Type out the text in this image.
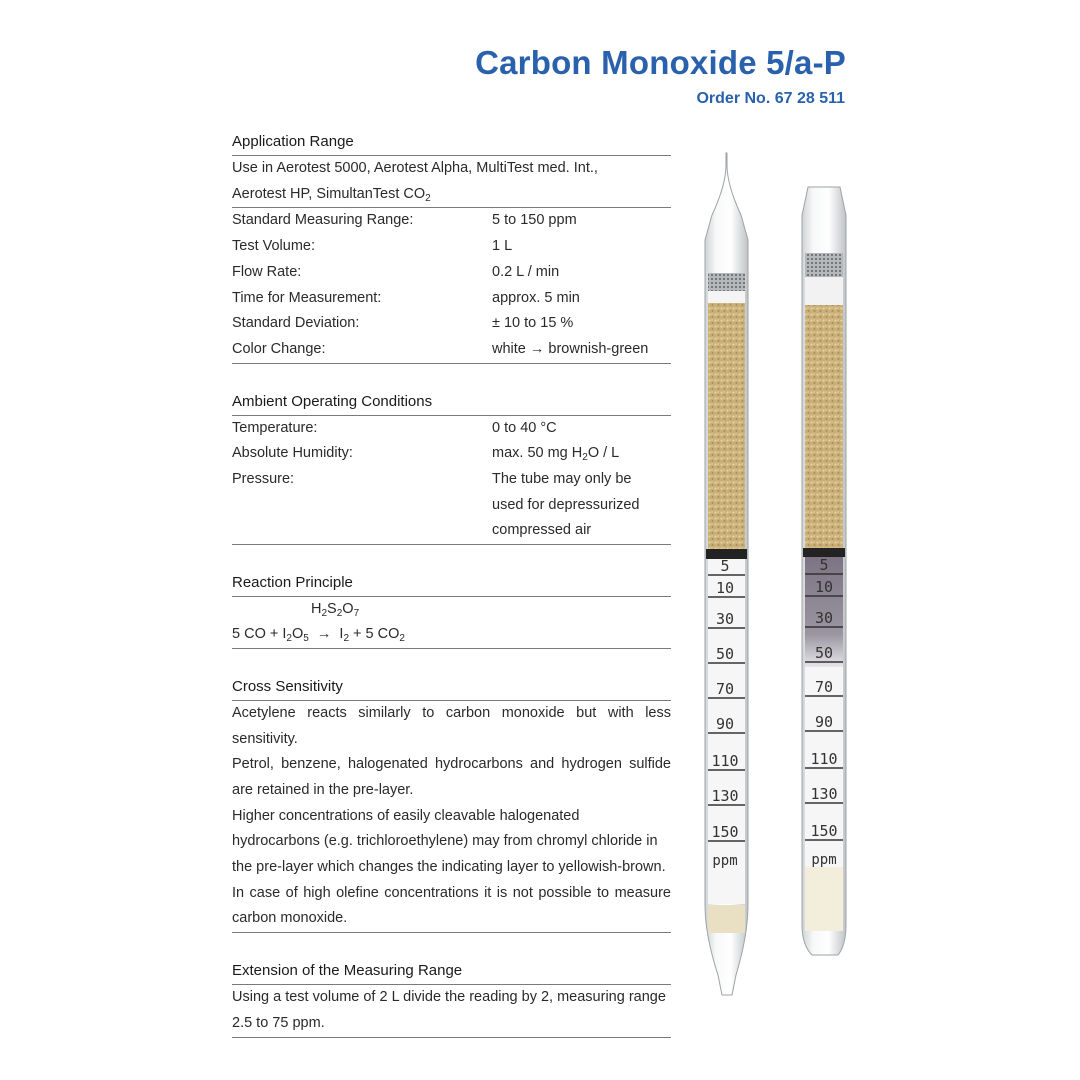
Carbon Monoxide 5/a-P
Order No. 67 28 511
Application Range
Use in Aerotest 5000, Aerotest Alpha, MultiTest med. Int.,
Aerotest HP, SimultanTest $CO_2$
Standard Measuring Range:	5 to 150 ppm
Test Volume:	1 L
Flow Rate:	0.2 L / min
Time for Measurement:	approx. 5 min
Standard Deviation:	± 10 to 15 %
Color Change:	white → brownish-green
Ambient Operating Conditions
Temperature:	0 to 40 °C
Absolute Humidity:	max. 50 mg $H_2O$ / L
Pressure:	The tube may only be
used for depressurized
compressed air
Reaction Principle
$H_2S_2O_7$
5 CO + $I_2O_5 \to I_2 + 5$ $CO_2$
Cross Sensitivity
Acetylene reacts similarly to carbon monoxide but with less sensitivity.
Petrol, benzene, halogenated hydrocarbons and hydrogen sulfide are retained in the pre-layer.
Higher concentrations of easily cleavable halogenated hydrocarbons (e.g. trichloroethylene) may from chromyl chloride in the pre-layer which changes the indicating layer to yellowish-brown.
In case of high olefine concentrations it is not possible to measure carbon monoxide.
Extension of the Measuring Range
Using a test volume of 2 L divide the reading by 2, measuring range 2.5 to 75 ppm.
5
10
30
50
70
90
110
130
150
ppm
5
10
30
50
70
90
110
130
150
ppm
